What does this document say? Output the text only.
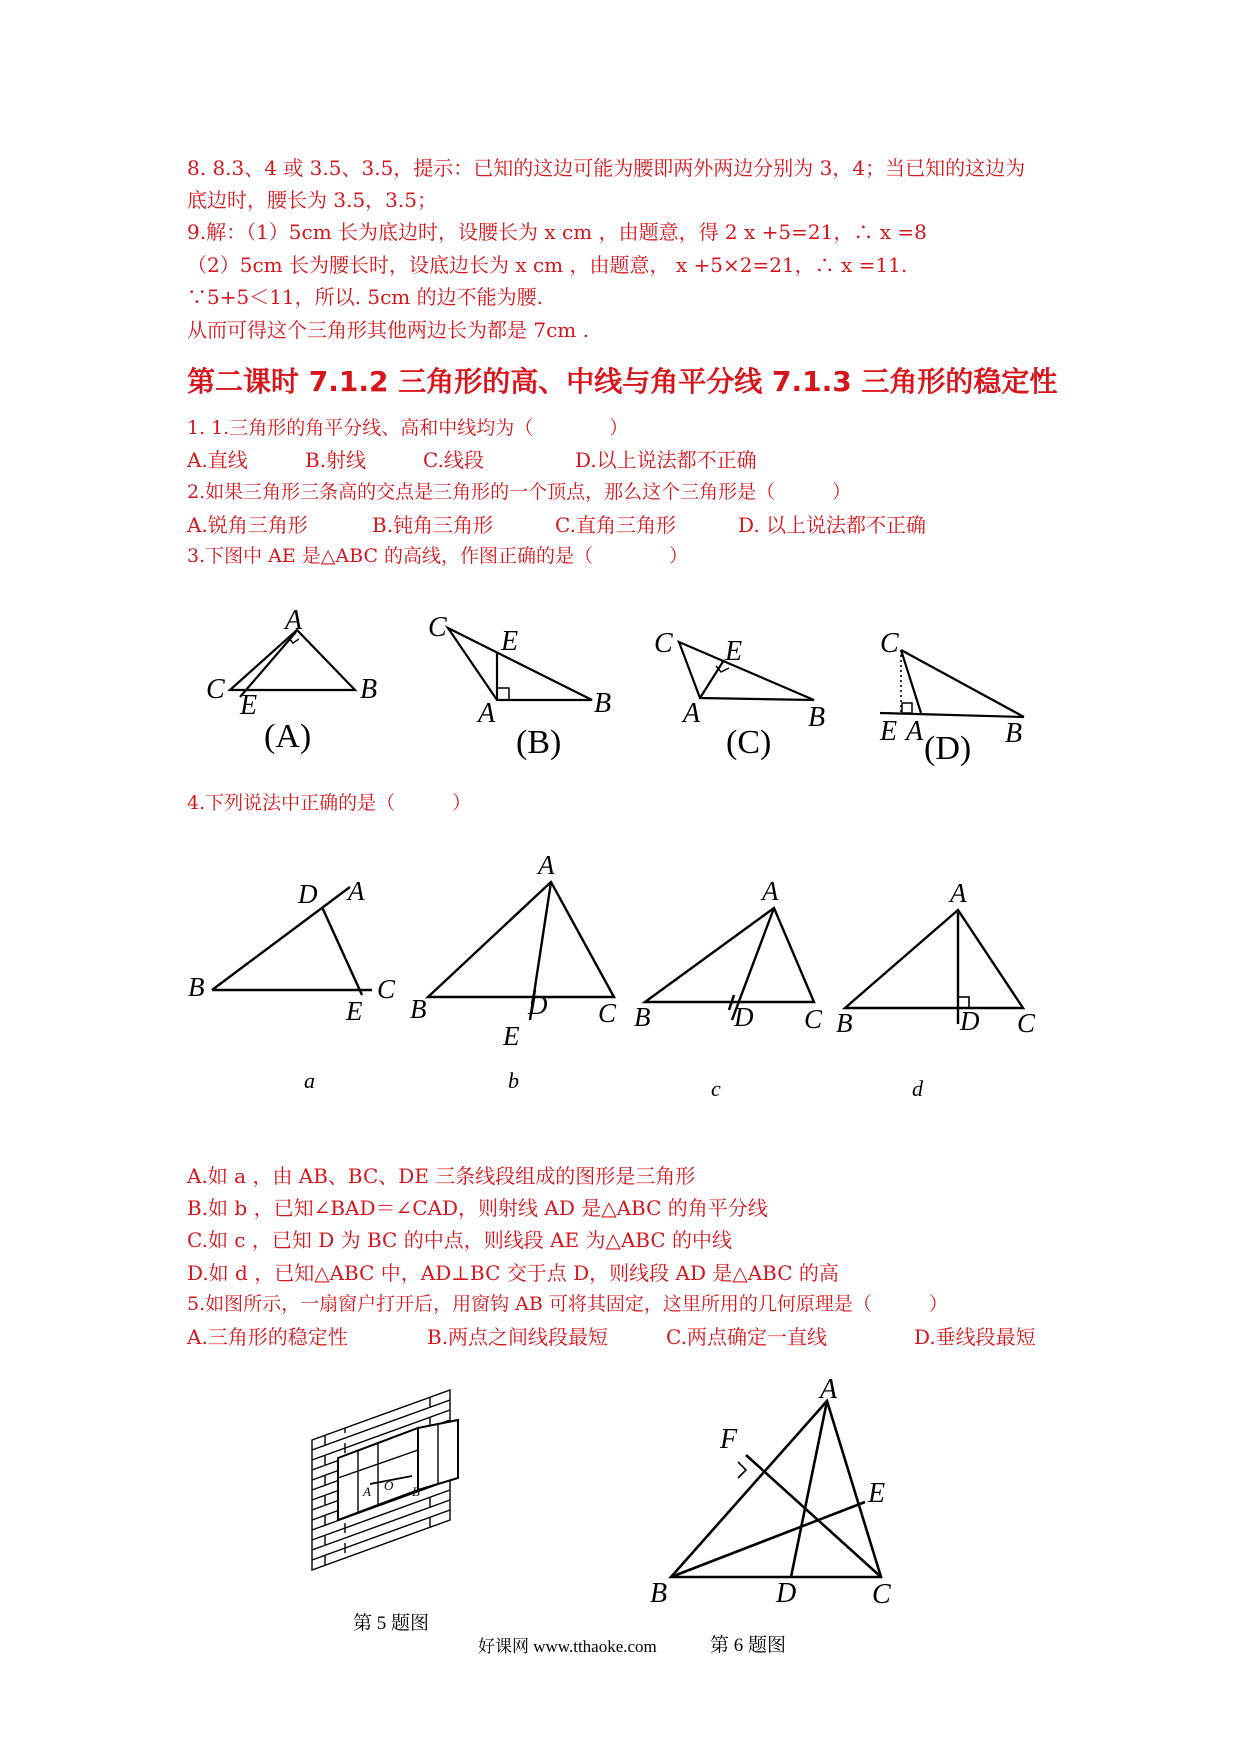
8. 8.3、4 或 3.5、3.5，提示：已知的这边可能为腰即两外两边分别为 3，4；当已知的这边为
底边时，腰长为 3.5，3.5；
9.解：（1）5cm 长为底边时，设腰长为 x cm ，由题意，得 2 x +5=21，∴ x =8
（2）5cm 长为腰长时，设底边长为 x cm ，由题意， x +5×2=21，∴ x =11.
∵5+5＜11，所以. 5cm 的边不能为腰.
从而可得这个三角形其他两边长为都是 7cm .
第二课时 7.1.2 三角形的高、中线与角平分线 7.1.3 三角形的稳定性
1. 1.三角形的角平分线、高和中线均为（　　　　）
A.直线	B.射线	C.线段	D.以上说法都不正确
2.如果三角形三条高的交点是三角形的一个顶点，那么这个三角形是（　　　）
A.锐角三角形	B.钝角三角形	C.直角三角形	D. 以上说法都不正确
3.下图中 AE 是△ABC 的高线，作图正确的是（　　　　）
A
C
E
B
C E
A	B
C E
A	B
C
E A	B
(A)	(B)	(C)	(D)
4.下列说法中正确的是（　　　）
D A
B	C
E
A
B	D C
E
A
B	D C
A
B	D C
a	b	c	d
A.如 a ，由 AB、BC、DE 三条线段组成的图形是三角形
B.如 b ，已知∠BAD＝∠CAD，则射线 AD 是△ABC 的角平分线
C.如 c ，已知 D 为 BC 的中点，则线段 AE 为△ABC 的中线
D.如 d ，已知△ABC 中，AD⊥BC 交于点 D，则线段 AD 是△ABC 的高
5.如图所示，一扇窗户打开后，用窗钩 AB 可将其固定，这里所用的几何原理是（　　　）
A.三角形的稳定性	B.两点之间线段最短	C.两点确定一直线	D.垂线段最短
A O B
第 5 题图
A
B	C
D
E
F
好课网 www.tthaoke.com	第 6 题图
